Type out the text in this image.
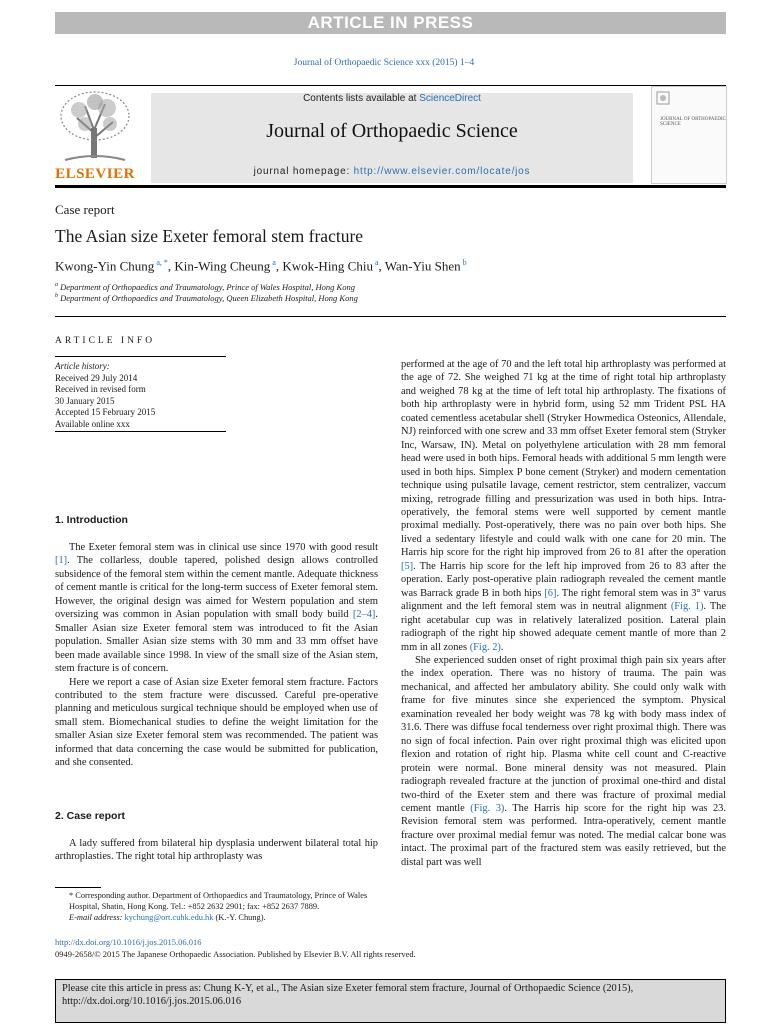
ARTICLE IN PRESS
Journal of Orthopaedic Science xxx (2015) 1–4
ELSEVIER
Contents lists available at ScienceDirect
Journal of Orthopaedic Science
journal homepage: http://www.elsevier.com/locate/jos
JOURNAL OF ORTHOPAEDIC SCIENCE
Case report
The Asian size Exeter femoral stem fracture
Kwong-Yin Chung $^{a, *}$, Kin-Wing Cheung $^a$, Kwok-Hing Chiu $^a$, Wan-Yiu Shen $^b$
$^a$ Department of Orthopaedics and Traumatology, Prince of Wales Hospital, Hong Kong
$^b$ Department of Orthopaedics and Traumatology, Queen Elizabeth Hospital, Hong Kong
ARTICLE INFO
Article history:
Received 29 July 2014
Received in revised form
30 January 2015
Accepted 15 February 2015
Available online xxx
1. Introduction

The Exeter femoral stem was in clinical use since 1970 with good result [1]. The collarless, double tapered, polished design allows controlled subsidence of the femoral stem within the cement mantle. Adequate thickness of cement mantle is critical for the long-term success of Exeter femoral stem. However, the original design was aimed for Western population and stem oversizing was common in Asian population with small body build [2–4]. Smaller Asian size Exeter femoral stem was introduced to fit the Asian population. Smaller Asian size stems with 30 mm and 33 mm offset have been made available since 1998. In view of the small size of the Asian stem, stem fracture is of concern.

Here we report a case of Asian size Exeter femoral stem fracture. Factors contributed to the stem fracture were discussed. Careful pre-operative planning and meticulous surgical technique should be employed when use of small stem. Biomechanical studies to define the weight limitation for the smaller Asian size Exeter femoral stem was recommended. The patient was informed that data concerning the case would be submitted for publication, and she consented.

2. Case report

A lady suffered from bilateral hip dysplasia underwent bilateral total hip arthroplasties. The right total hip arthroplasty was

performed at the age of 70 and the left total hip arthroplasty was performed at the age of 72. She weighed 71 kg at the time of right total hip arthroplasty and weighed 78 kg at the time of left total hip arthroplasty. The fixations of both hip arthroplasty were in hybrid form, using 52 mm Trident PSL HA coated cementless acetabular shell (Stryker Howmedica Osteonics, Allendale, NJ) reinforced with one screw and 33 mm offset Exeter femoral stem (Stryker Inc, Warsaw, IN). Metal on polyethylene articulation with 28 mm femoral head were used in both hips. Femoral heads with additional 5 mm length were used in both hips. Simplex P bone cement (Stryker) and modern cementation technique using pulsatile lavage, cement restrictor, stem centralizer, vaccum mixing, retrograde filling and pressurization was used in both hips. Intra-operatively, the femoral stems were well supported by cement mantle proximal medially. Post-operatively, there was no pain over both hips. She lived a sedentary lifestyle and could walk with one cane for 20 min. The Harris hip score for the right hip improved from 26 to 81 after the operation [5]. The Harris hip score for the left hip improved from 26 to 83 after the operation. Early post-operative plain radiograph revealed the cement mantle was Barrack grade B in both hips [6]. The right femoral stem was in 3° varus alignment and the left femoral stem was in neutral alignment (Fig. 1). The right acetabular cup was in relatively lateralized position. Lateral plain radiograph of the right hip showed adequate cement mantle of more than 2 mm in all zones (Fig. 2).

She experienced sudden onset of right proximal thigh pain six years after the index operation. There was no history of trauma. The pain was mechanical, and affected her ambulatory ability. She could only walk with frame for five minutes since she experienced the symptom. Physical examination revealed her body weight was 78 kg with body mass index of 31.6. There was diffuse focal tenderness over right proximal thigh. There was no sign of focal infection. Pain over right proximal thigh was elicited upon flexion and rotation of right hip. Plasma white cell count and C-reactive protein were normal. Bone mineral density was not measured. Plain radiograph revealed fracture at the junction of proximal one-third and distal two-third of the Exeter stem and there was fracture of proximal medial cement mantle (Fig. 3). The Harris hip score for the right hip was 23. Revision femoral stem was performed. Intra-operatively, cement mantle fracture over proximal medial femur was noted. The medial calcar bone was intact. The proximal part of the fractured stem was easily retrieved, but the distal part was well

* Corresponding author. Department of Orthopaedics and Traumatology, Prince of Wales Hospital, Shatin, Hong Kong. Tel.: +852 2632 2901; fax: +852 2637 7889.
E-mail address: kychung@ort.cuhk.edu.hk (K.-Y. Chung).
http://dx.doi.org/10.1016/j.jos.2015.06.016
0949-2658/© 2015 The Japanese Orthopaedic Association. Published by Elsevier B.V. All rights reserved.
Please cite this article in press as: Chung K-Y, et al., The Asian size Exeter femoral stem fracture, Journal of Orthopaedic Science (2015), http://dx.doi.org/10.1016/j.jos.2015.06.016
